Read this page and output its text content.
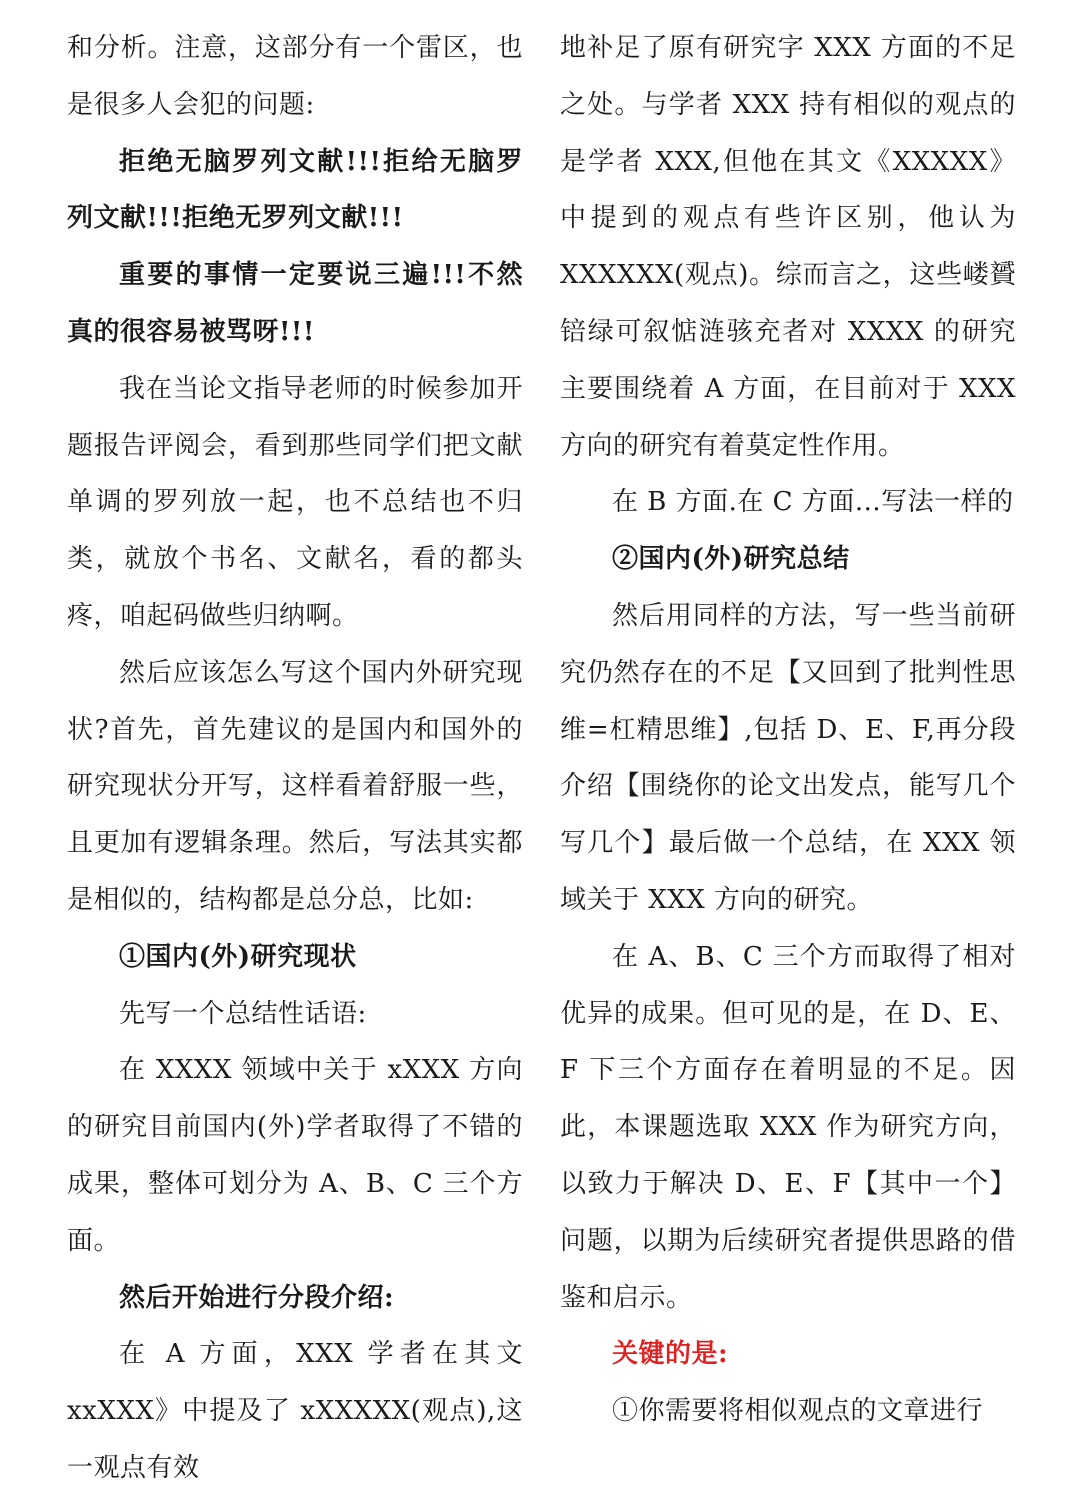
和分析。注意，这部分有一个雷区，也是很多人会犯的问题:

拒绝无脑罗列文献!!!拒给无脑罗列文献!!!拒绝无罗列文献!!!

重要的事情一定要说三遍!!!不然真的很容易被骂呀!!!

我在当论文指导老师的时候参加开题报告评阅会，看到那些同学们把文献单调的罗列放一起，也不总结也不归类，就放个书名、文献名，看的都头疼，咱起码做些归纳啊。

然后应该怎么写这个国内外研究现状?首先，首先建议的是国内和国外的研究现状分开写，这样看着舒服一些，且更加有逻辑条理。然后，写法其实都是相似的，结构都是总分总，比如:

①国内(外)研究现状

先写一个总结性话语:

在 XXXX 领域中关于 xXXX 方向的研究目前国内(外)学者取得了不错的成果，整体可划分为 A、B、C 三个方面。

然后开始进行分段介绍:

在 A 方面，XXX 学者在其文 xxXXX》中提及了 xXXXXX(观点),这一观点有效

地补足了原有研究字 XXX 方面的不足之处。与学者 XXX 持有相似的观点的是学者 XXX,但他在其文《XXXXX》中提到的观点有些许区别，他认为 XXXXXX(观点)。综而言之，这些嵝贇锫绿可叙惦涟骇充者对 XXXX 的研究主要围绕着 A 方面，在目前对于 XXX 方向的研究有着莫定性作用。

在 B 方面.在 C 方面...写法一样的

②国内(外)研究总结

然后用同样的方法，写一些当前研究仍然存在的不足【又回到了批判性思维=杠精思维】,包括 D、E、F,再分段介绍【围绕你的论文出发点，能写几个写几个】最后做一个总结，在 XXX 领域关于 XXX 方向的研究。

在 A、B、C 三个方而取得了相对优异的成果。但可见的是，在 D、E、F 下三个方面存在着明显的不足。因此，本课题选取 XXX 作为研究方向，以致力于解决 D、E、F【其中一个】问题，以期为后续研究者提供思路的借鉴和启示。

关键的是:

①你需要将相似观点的文章进行
